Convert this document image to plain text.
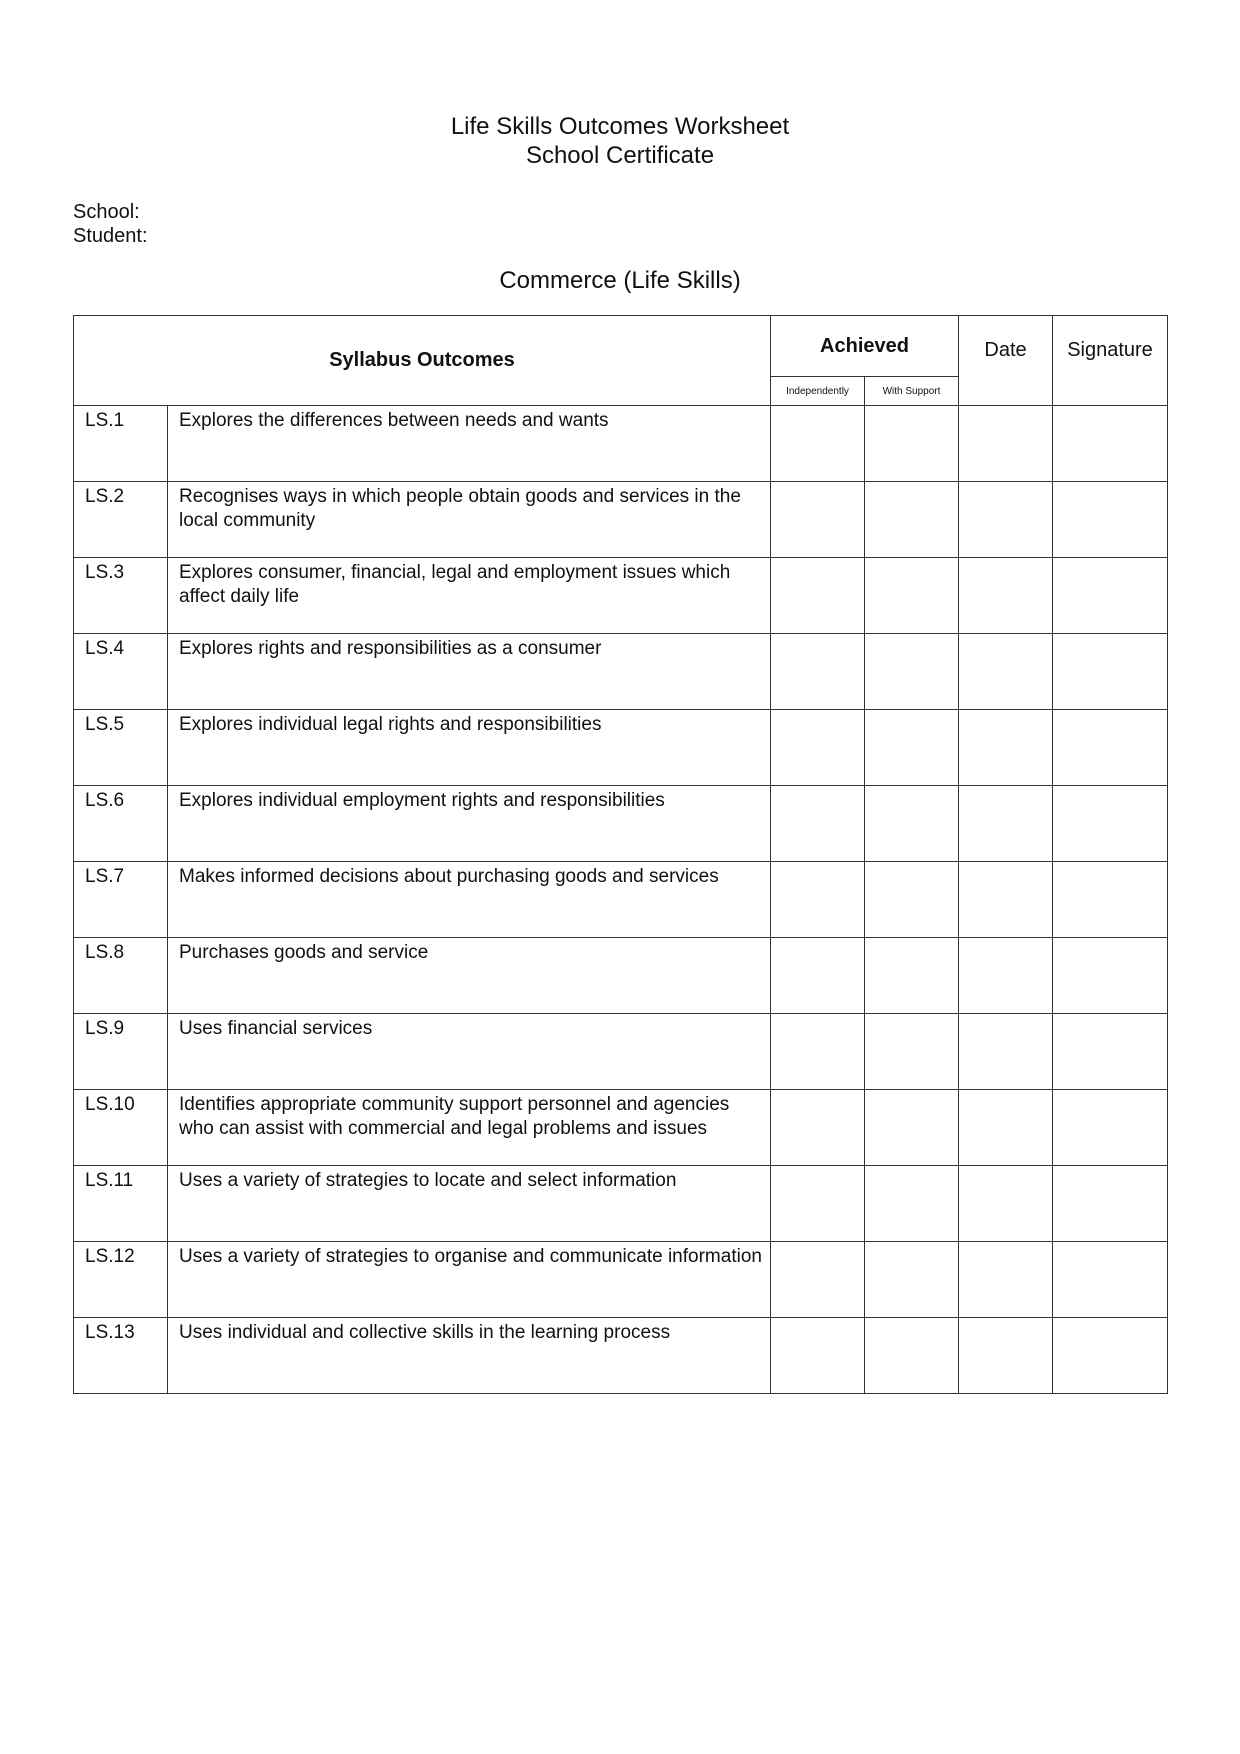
Life Skills Outcomes Worksheet
School Certificate
School:
Student:
Commerce (Life Skills)
Syllabus Outcomes		Achieved		Date	Signature
		Independently	With Support		
LS.1	Explores the differences between needs and wants				
LS.2	Recognises ways in which people obtain goods and services in the local community				
LS.3	Explores consumer, financial, legal and employment issues which affect daily life				
LS.4	Explores rights and responsibilities as a consumer				
LS.5	Explores individual legal rights and responsibilities				
LS.6	Explores individual employment rights and responsibilities				
LS.7	Makes informed decisions about purchasing goods and services				
LS.8	Purchases goods and service				
LS.9	Uses financial services				
LS.10	Identifies appropriate community support personnel and agencies who can assist with commercial and legal problems and issues				
LS.11	Uses a variety of strategies to locate and select information				
LS.12	Uses a variety of strategies to organise and communicate information				
LS.13	Uses individual and collective skills in the learning process				
